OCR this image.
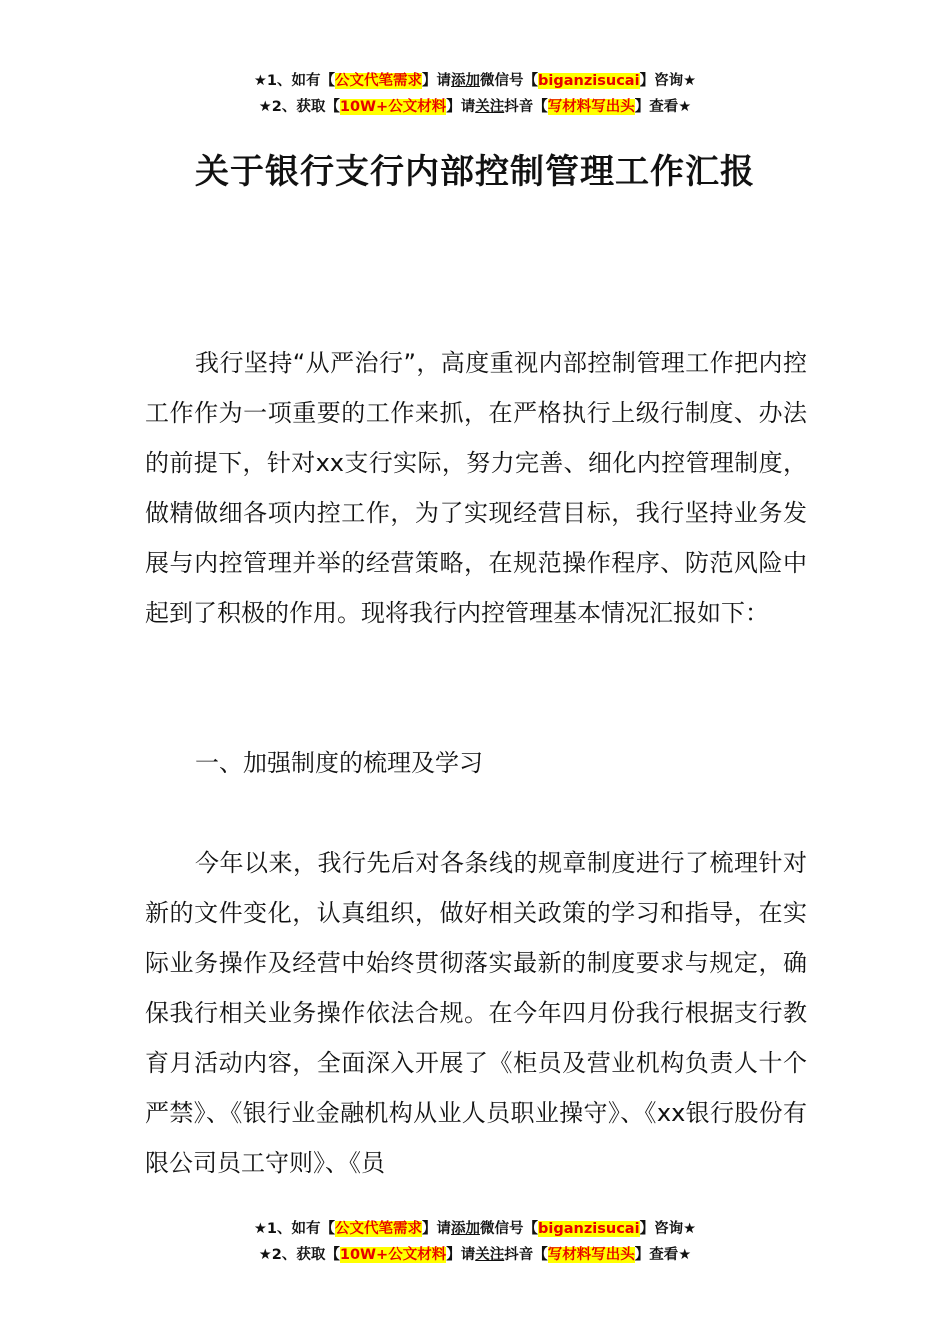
★1、如有【公文代笔需求】请添加微信号【biganzisucai】咨询★
★2、获取【10W+公文材料】请关注抖音【写材料写出头】查看★
关于银行支行内部控制管理工作汇报

我行坚持“从严治行”，高度重视内部控制管理工作把内控工作作为一项重要的工作来抓，在严格执行上级行制度、办法的前提下，针对xx支行实际，努力完善、细化内控管理制度，做精做细各项内控工作，为了实现经营目标，我行坚持业务发展与内控管理并举的经营策略，在规范操作程序、防范风险中起到了积极的作用。现将我行内控管理基本情况汇报如下：

一、加强制度的梳理及学习

今年以来，我行先后对各条线的规章制度进行了梳理针对新的文件变化，认真组织，做好相关政策的学习和指导，在实际业务操作及经营中始终贯彻落实最新的制度要求与规定，确保我行相关业务操作依法合规。在今年四月份我行根据支行教育月活动内容，全面深入开展了《柜员及营业机构负责人十个严禁》、《银行业金融机构从业人员职业操守》、《xx银行股份有限公司员工守则》、《员

★1、如有【公文代笔需求】请添加微信号【biganzisucai】咨询★
★2、获取【10W+公文材料】请关注抖音【写材料写出头】查看★
